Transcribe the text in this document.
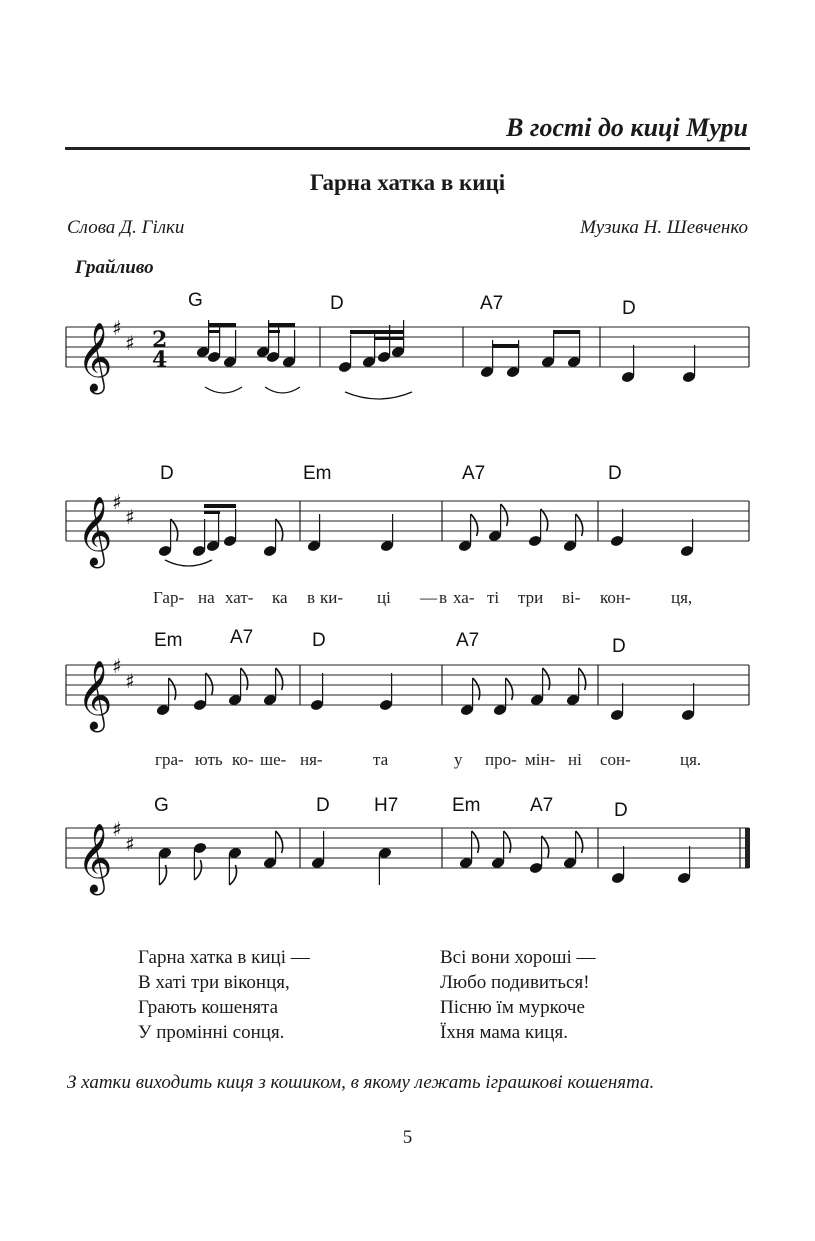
В гості до киці Мури
Гарна хатка в киці
Слова Д. Гілки	Музика Н. Шевченко
Грайливо
G	D	A7	D
D	Em	A7	D
Em	A7	D	A7	D
G	D H7	Em	A7	D
Гар- на хат- ка в ки- ці — в ха- ті три ві- кон- ця,
гра- ють ко- ше- ня-	та	у про- мін- ні сон-	ця.
𝄞 ♯
♯ 2
4
𝄞 ♯
♯
𝄞 ♯
♯
𝄞 ♯
♯
Гарна хатка в киці —
В хаті три віконця,
Грають кошенята
У промінні сонця.
Всі вони хороші —
Любо подивиться!
Пісню їм муркоче
Їхня мама киця.
З хатки виходить киця з кошиком, в якому лежать іграшкові кошенята.
5
